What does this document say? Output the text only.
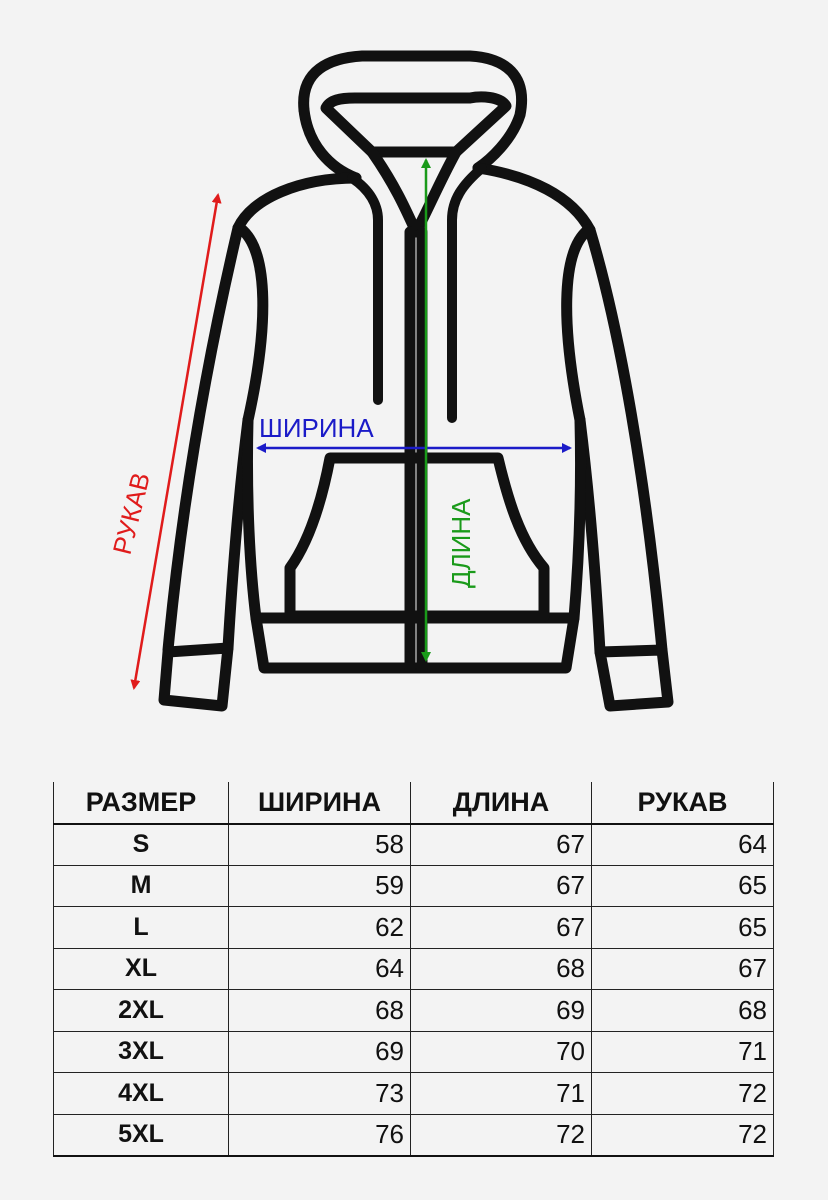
ШИРИНА
ДЛИНА
РУКАВ
РАЗМЕР	ШИРИНА	ДЛИНА	РУКАВ
S	58	67	64
M	59	67	65
L	62	67	65
XL	64	68	67
2XL	68	69	68
3XL	69	70	71
4XL	73	71	72
5XL	76	72	72
